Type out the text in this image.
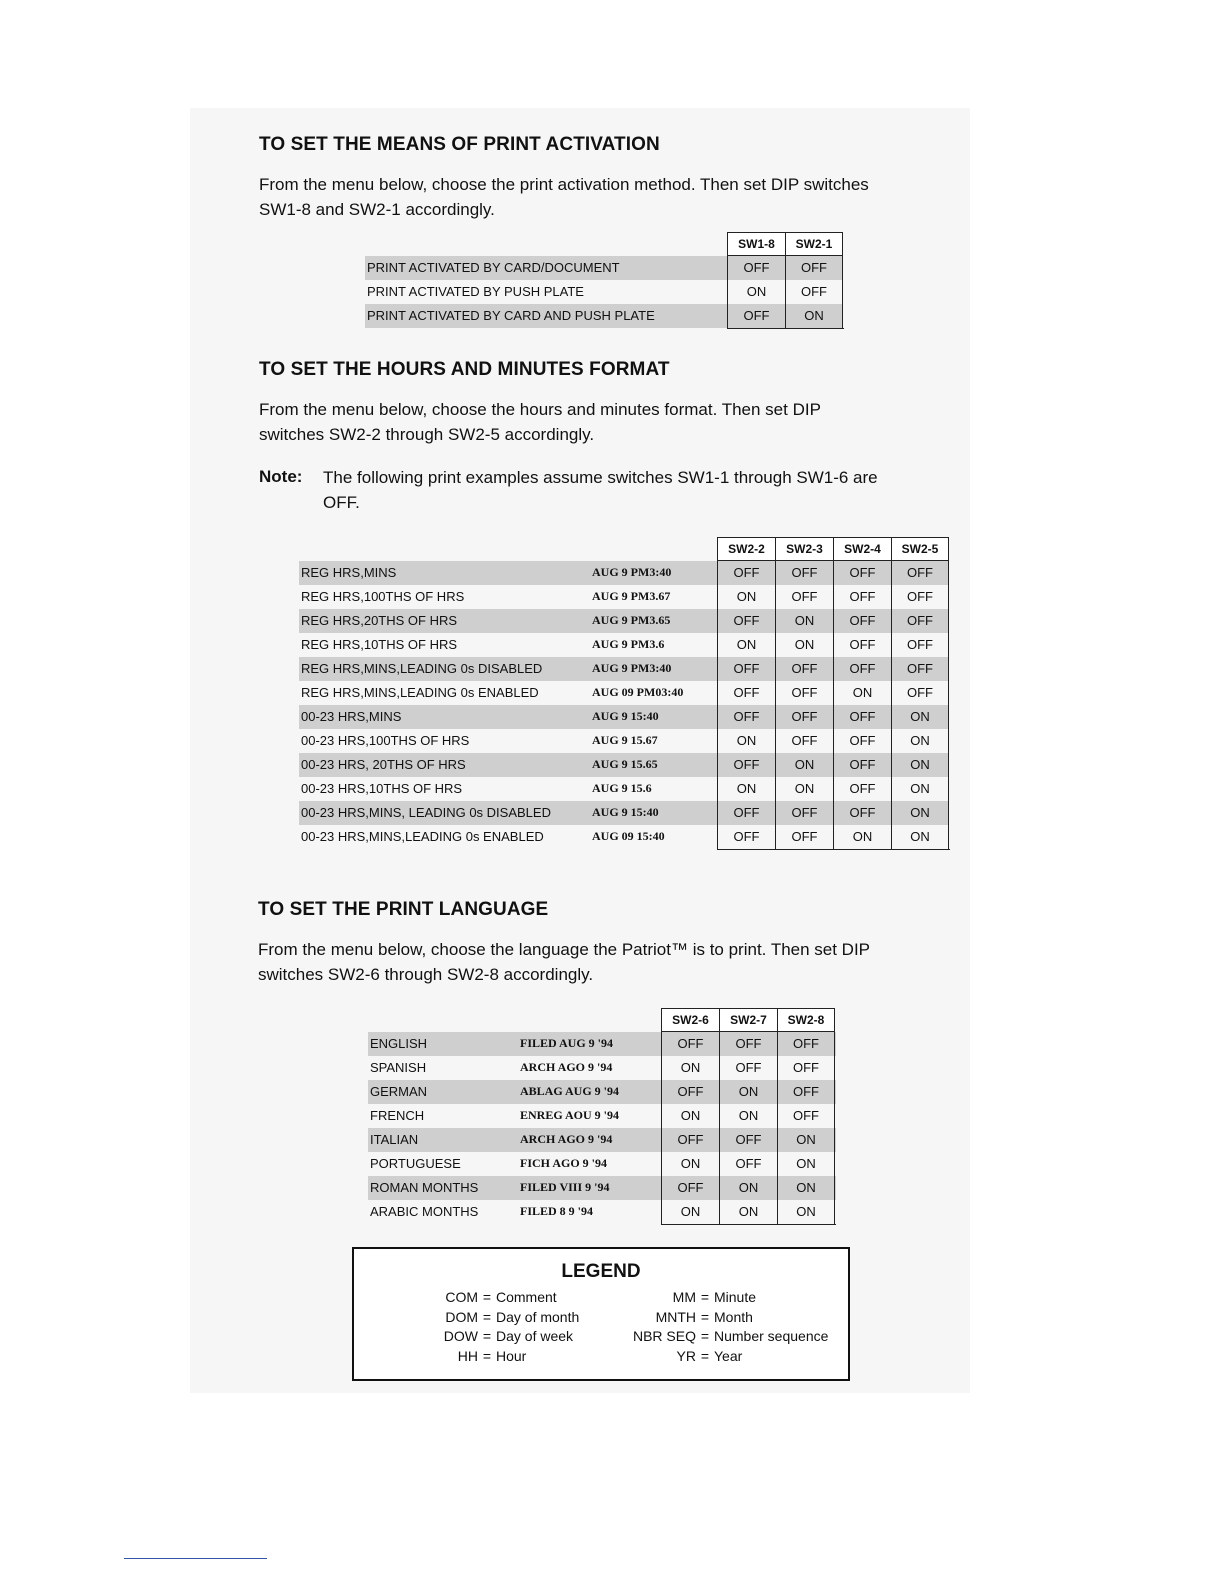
TO SET THE MEANS OF PRINT ACTIVATION

From the menu below, choose the print activation method. Then set DIP switches

SW1-8 and SW2-1 accordingly.

SW1-8	SW2-1
PRINT ACTIVATED BY CARD/DOCUMENT	OFF	OFF
PRINT ACTIVATED BY PUSH PLATE	ON	OFF
PRINT ACTIVATED BY CARD AND PUSH PLATE	OFF	ON
TO SET THE HOURS AND MINUTES FORMAT

From the menu below, choose the hours and minutes format. Then set DIP

switches SW2-2 through SW2-5 accordingly.

Note: The following print examples assume switches SW1-1 through SW1-6 are
OFF.
SW2-2	SW2-3	SW2-4	SW2-5
REG HRS,MINS	AUG 9 PM3:40	OFF	OFF	OFF	OFF
REG HRS,100THS OF HRS	AUG 9 PM3.67	ON	OFF	OFF	OFF
REG HRS,20THS OF HRS	AUG 9 PM3.65	OFF	ON	OFF	OFF
REG HRS,10THS OF HRS	AUG 9 PM3.6	ON	ON	OFF	OFF
REG HRS,MINS,LEADING 0s DISABLED	AUG 9 PM3:40	OFF	OFF	OFF	OFF
REG HRS,MINS,LEADING 0s ENABLED	AUG 09 PM03:40	OFF	OFF	ON	OFF
00-23 HRS,MINS	AUG 9 15:40	OFF	OFF	OFF	ON
00-23 HRS,100THS OF HRS	AUG 9 15.67	ON	OFF	OFF	ON
00-23 HRS, 20THS OF HRS	AUG 9 15.65	OFF	ON	OFF	ON
00-23 HRS,10THS OF HRS	AUG 9 15.6	ON	ON	OFF	ON
00-23 HRS,MINS, LEADING 0s DISABLED	AUG 9 15:40	OFF	OFF	OFF	ON
00-23 HRS,MINS,LEADING 0s ENABLED	AUG 09 15:40	OFF	OFF	ON	ON
TO SET THE PRINT LANGUAGE

From the menu below, choose the language the Patriot™ is to print. Then set DIP

switches SW2-6 through SW2-8 accordingly.

SW2-6	SW2-7	SW2-8
ENGLISH	FILED AUG 9 '94	OFF	OFF	OFF
SPANISH	ARCH AGO 9 '94	ON	OFF	OFF
GERMAN	ABLAG AUG 9 '94	OFF	ON	OFF
FRENCH	ENREG AOU 9 '94	ON	ON	OFF
ITALIAN	ARCH AGO 9 '94	OFF	OFF	ON
PORTUGUESE	FICH AGO 9 '94	ON	OFF	ON
ROMAN MONTHS	FILED VIII 9 '94	OFF	ON	ON
ARABIC MONTHS	FILED 8 9 '94	ON	ON	ON
LEGEND
COM = Comment
DOM = Day of month
DOW = Day of week
HH = Hour
MM = Minute
MNTH = Month
NBR SEQ = Number sequence
YR = Year
